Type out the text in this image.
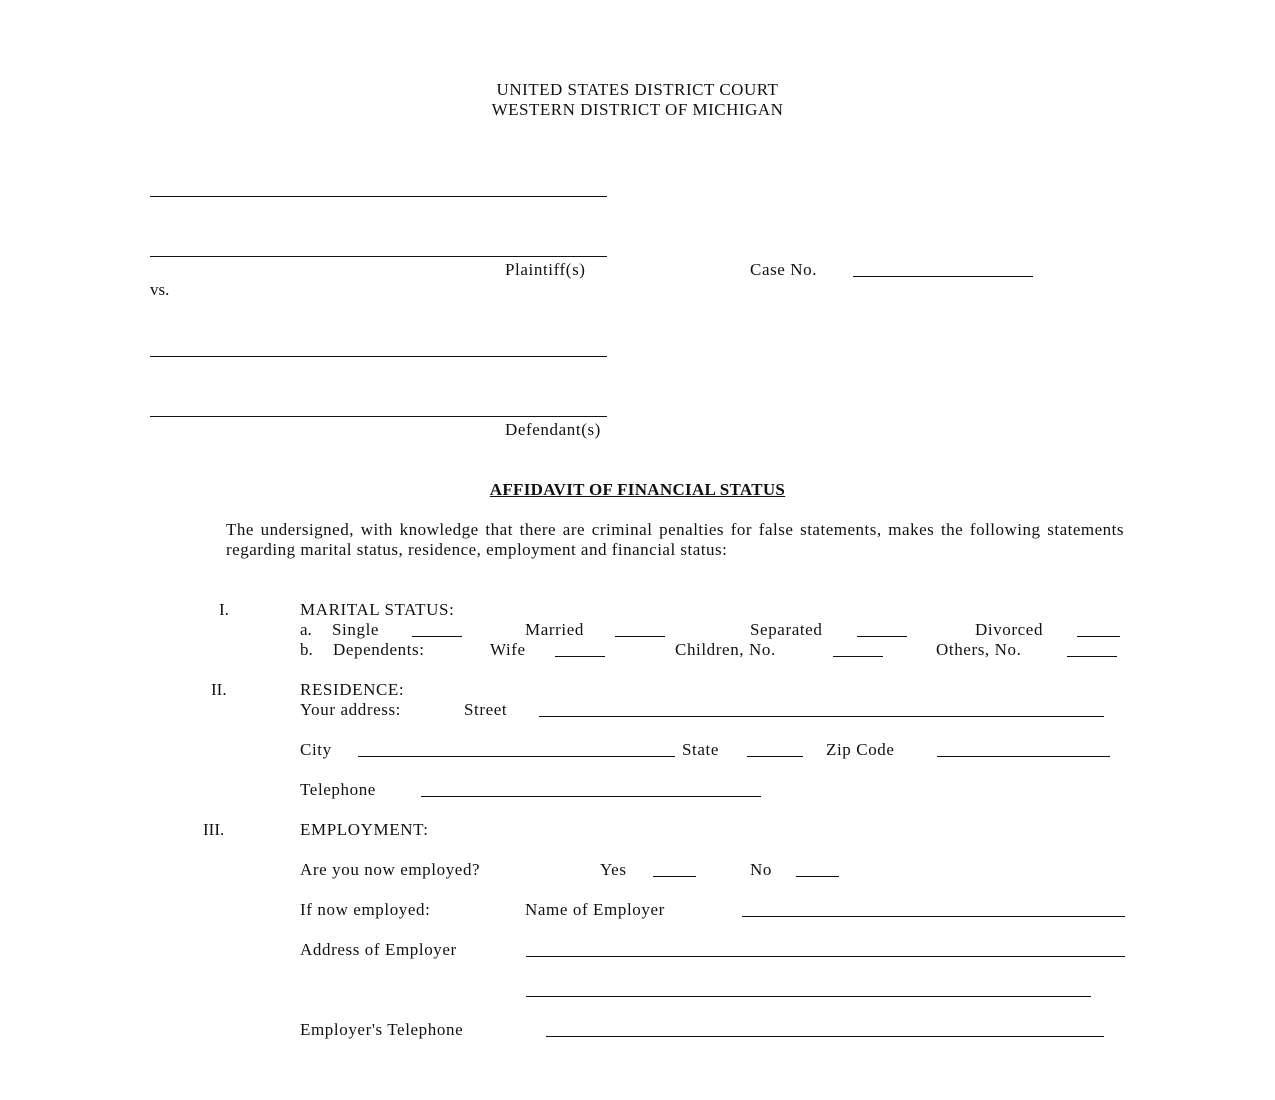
UNITED STATES DISTRICT COURT
WESTERN DISTRICT OF MICHIGAN
Plaintiff(s)	Case No.
vs.
Defendant(s)
AFFIDAVIT OF FINANCIAL STATUS
The undersigned, with knowledge that there are criminal penalties for false statements, makes the following statements regarding marital status, residence, employment and financial status:
I.	MARITAL STATUS:
a. Single	Married	Separated	Divorced
b. Dependents:	Wife	Children, No.	Others, No.
II.	RESIDENCE:
Your address:	Street
City	State	Zip Code
Telephone
III.	EMPLOYMENT:
Are you now employed?	Yes	No
If now employed:	Name of Employer
Address of Employer
Employer's Telephone
